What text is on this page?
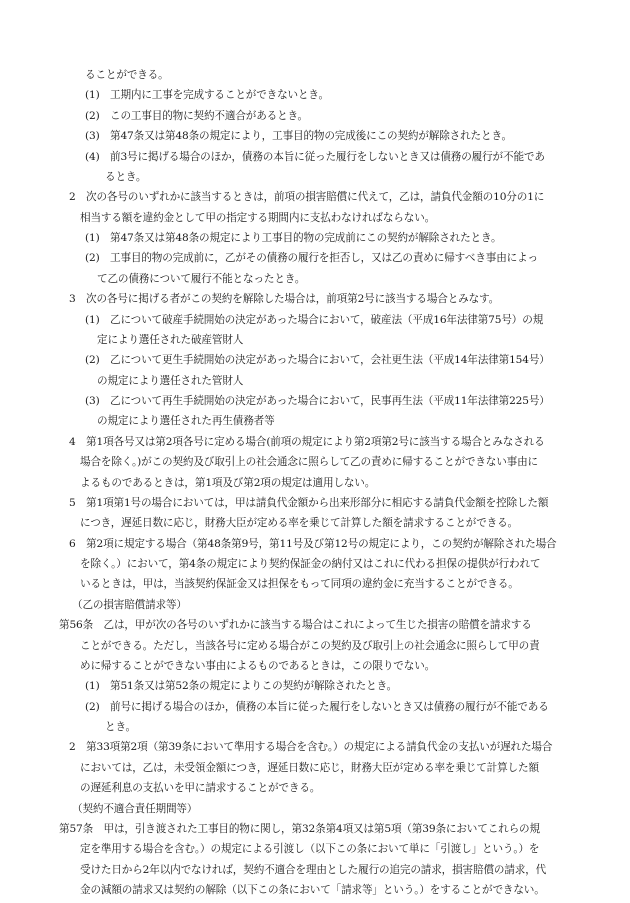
ることができる。
(1)　工期内に工事を完成することができないとき。
(2)　この工事目的物に契約不適合があるとき。
(3)　第47条又は第48条の規定により，工事目的物の完成後にこの契約が解除されたとき。
(4)　前3号に掲げる場合のほか，債務の本旨に従った履行をしないとき又は債務の履行が不能であ
るとき。
2　次の各号のいずれかに該当するときは，前項の損害賠償に代えて，乙は，請負代金額の10分の1に
相当する額を違約金として甲の指定する期間内に支払わなければならない。
(1)　第47条又は第48条の規定により工事目的物の完成前にこの契約が解除されたとき。
(2)　工事目的物の完成前に，乙がその債務の履行を拒否し，又は乙の責めに帰すべき事由によっ
て乙の債務について履行不能となったとき。
3　次の各号に掲げる者がこの契約を解除した場合は，前項第2号に該当する場合とみなす。
(1)　乙について破産手続開始の決定があった場合において，破産法（平成16年法律第75号）の規
定により選任された破産管財人
(2)　乙について更生手続開始の決定があった場合において，会社更生法（平成14年法律第154号）
の規定により選任された管財人
(3)　乙について再生手続開始の決定があった場合において，民事再生法（平成11年法律第225号）
の規定により選任された再生債務者等
4　第1項各号又は第2項各号に定める場合(前項の規定により第2項第2号に該当する場合とみなされる
場合を除く。)がこの契約及び取引上の社会通念に照らして乙の責めに帰することができない事由に
よるものであるときは，第1項及び第2項の規定は適用しない。
5　第1項第1号の場合においては，甲は請負代金額から出来形部分に相応する請負代金額を控除した額
につき，遅延日数に応じ，財務大臣が定める率を乗じて計算した額を請求することができる。
6　第2項に規定する場合（第48条第9号，第11号及び第12号の規定により，この契約が解除された場合
を除く。）において，第4条の規定により契約保証金の納付又はこれに代わる担保の提供が行われて
いるときは，甲は，当該契約保証金又は担保をもって同項の違約金に充当することができる。
（乙の損害賠償請求等）
第56条　乙は，甲が次の各号のいずれかに該当する場合はこれによって生じた損害の賠償を請求する
ことができる。ただし，当該各号に定める場合がこの契約及び取引上の社会通念に照らして甲の責
めに帰することができない事由によるものであるときは，この限りでない。
(1)　第51条又は第52条の規定によりこの契約が解除されたとき。
(2)　前号に掲げる場合のほか，債務の本旨に従った履行をしないとき又は債務の履行が不能である
とき。
2　第33項第2項（第39条において準用する場合を含む。）の規定による請負代金の支払いが遅れた場合
においては，乙は，未受領金額につき，遅延日数に応じ，財務大臣が定める率を乗じて計算した額
の遅延利息の支払いを甲に請求することができる。
（契約不適合責任期間等）
第57条　甲は，引き渡された工事目的物に関し，第32条第4項又は第5項（第39条においてこれらの規
定を準用する場合を含む。）の規定による引渡し（以下この条において単に「引渡し」という。）を
受けた日から2年以内でなければ，契約不適合を理由とした履行の追完の請求，損害賠償の請求，代
金の減額の請求又は契約の解除（以下この条において「請求等」という。）をすることができない。
